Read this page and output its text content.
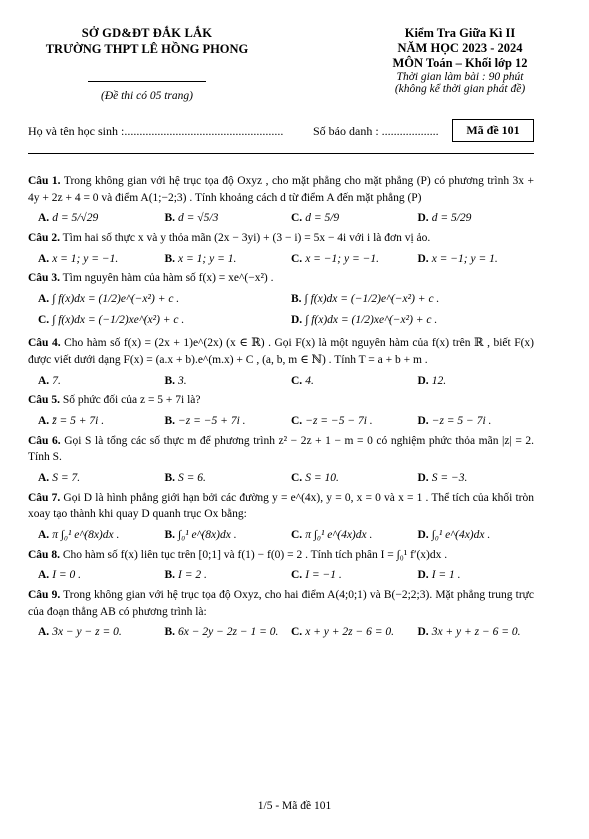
SỞ GD&ĐT ĐẮK LẮK
TRƯỜNG THPT LÊ HỒNG PHONG
(Đề thi có 05 trang)
Kiểm Tra Giữa Kì II
NĂM HỌC 2023 - 2024
MÔN Toán – Khối lớp 12
Thời gian làm bài : 90 phút
(không kể thời gian phát đề)
Họ và tên học sinh :..................................................... Số báo danh : ...................	Mã đề 101
Câu 1. Trong không gian với hệ trục tọa độ Oxyz , cho mặt phẳng cho mặt phẳng (P) có phương trình 3x + 4y + 2z + 4 = 0 và điểm A(1;−2;3) . Tính khoảng cách d từ điểm A đến mặt phẳng (P)
A. d = 5/√29	B. d = √5/3	C. d = 5/9	D. d = 5/29
Câu 2. Tìm hai số thực x và y thỏa mãn (2x − 3yi) + (3 − i) = 5x − 4i với i là đơn vị ảo.
A. x = 1; y = −1.	B. x = 1; y = 1.	C. x = −1; y = −1.	D. x = −1; y = 1.
Câu 3. Tìm nguyên hàm của hàm số f(x) = xe^(−x²) .
A. ∫ f(x)dx = (1/2)e^(−x²) + c .	B. ∫ f(x)dx = (−1/2)e^(−x²) + c .
C. ∫ f(x)dx = (−1/2)xe^(x²) + c .	D. ∫ f(x)dx = (1/2)xe^(−x²) + c .
Câu 4. Cho hàm số f(x) = (2x + 1)e^(2x) (x ∈ ℝ) . Gọi F(x) là một nguyên hàm của f(x) trên ℝ , biết F(x) được viết dưới dạng F(x) = (a.x + b).e^(m.x) + C , (a, b, m ∈ ℕ) . Tính T = a + b + m .
A. 7.	B. 3.	C. 4.	D. 12.
Câu 5. Số phức đối của z = 5 + 7i là?
A. z̄ = 5 + 7i .	B. −z = −5 + 7i .	C. −z = −5 − 7i .	D. −z = 5 − 7i .
Câu 6. Gọi S là tổng các số thực m để phương trình z² − 2z + 1 − m = 0 có nghiệm phức thỏa mãn |z| = 2. Tính S.
A. S = 7.	B. S = 6.	C. S = 10.	D. S = −3.
Câu 7. Gọi D là hình phẳng giới hạn bởi các đường y = e^(4x), y = 0, x = 0 và x = 1 . Thể tích của khối tròn xoay tạo thành khi quay D quanh trục Ox bằng:
A. π ∫₀¹ e^(8x)dx .	B. ∫₀¹ e^(8x)dx .	C. π ∫₀¹ e^(4x)dx .	D. ∫₀¹ e^(4x)dx .
Câu 8. Cho hàm số f(x) liên tục trên [0;1] và f(1) − f(0) = 2 . Tính tích phân I = ∫₀¹ f′(x)dx .
A. I = 0 .	B. I = 2 .	C. I = −1 .	D. I = 1 .
Câu 9. Trong không gian với hệ trục tọa độ Oxyz, cho hai điểm A(4;0;1) và B(−2;2;3). Mặt phẳng trung trực của đoạn thẳng AB có phương trình là:
A. 3x − y − z = 0.	B. 6x − 2y − 2z − 1 = 0.	C. x + y + 2z − 6 = 0.	D. 3x + y + z − 6 = 0.
1/5 - Mã đề 101
